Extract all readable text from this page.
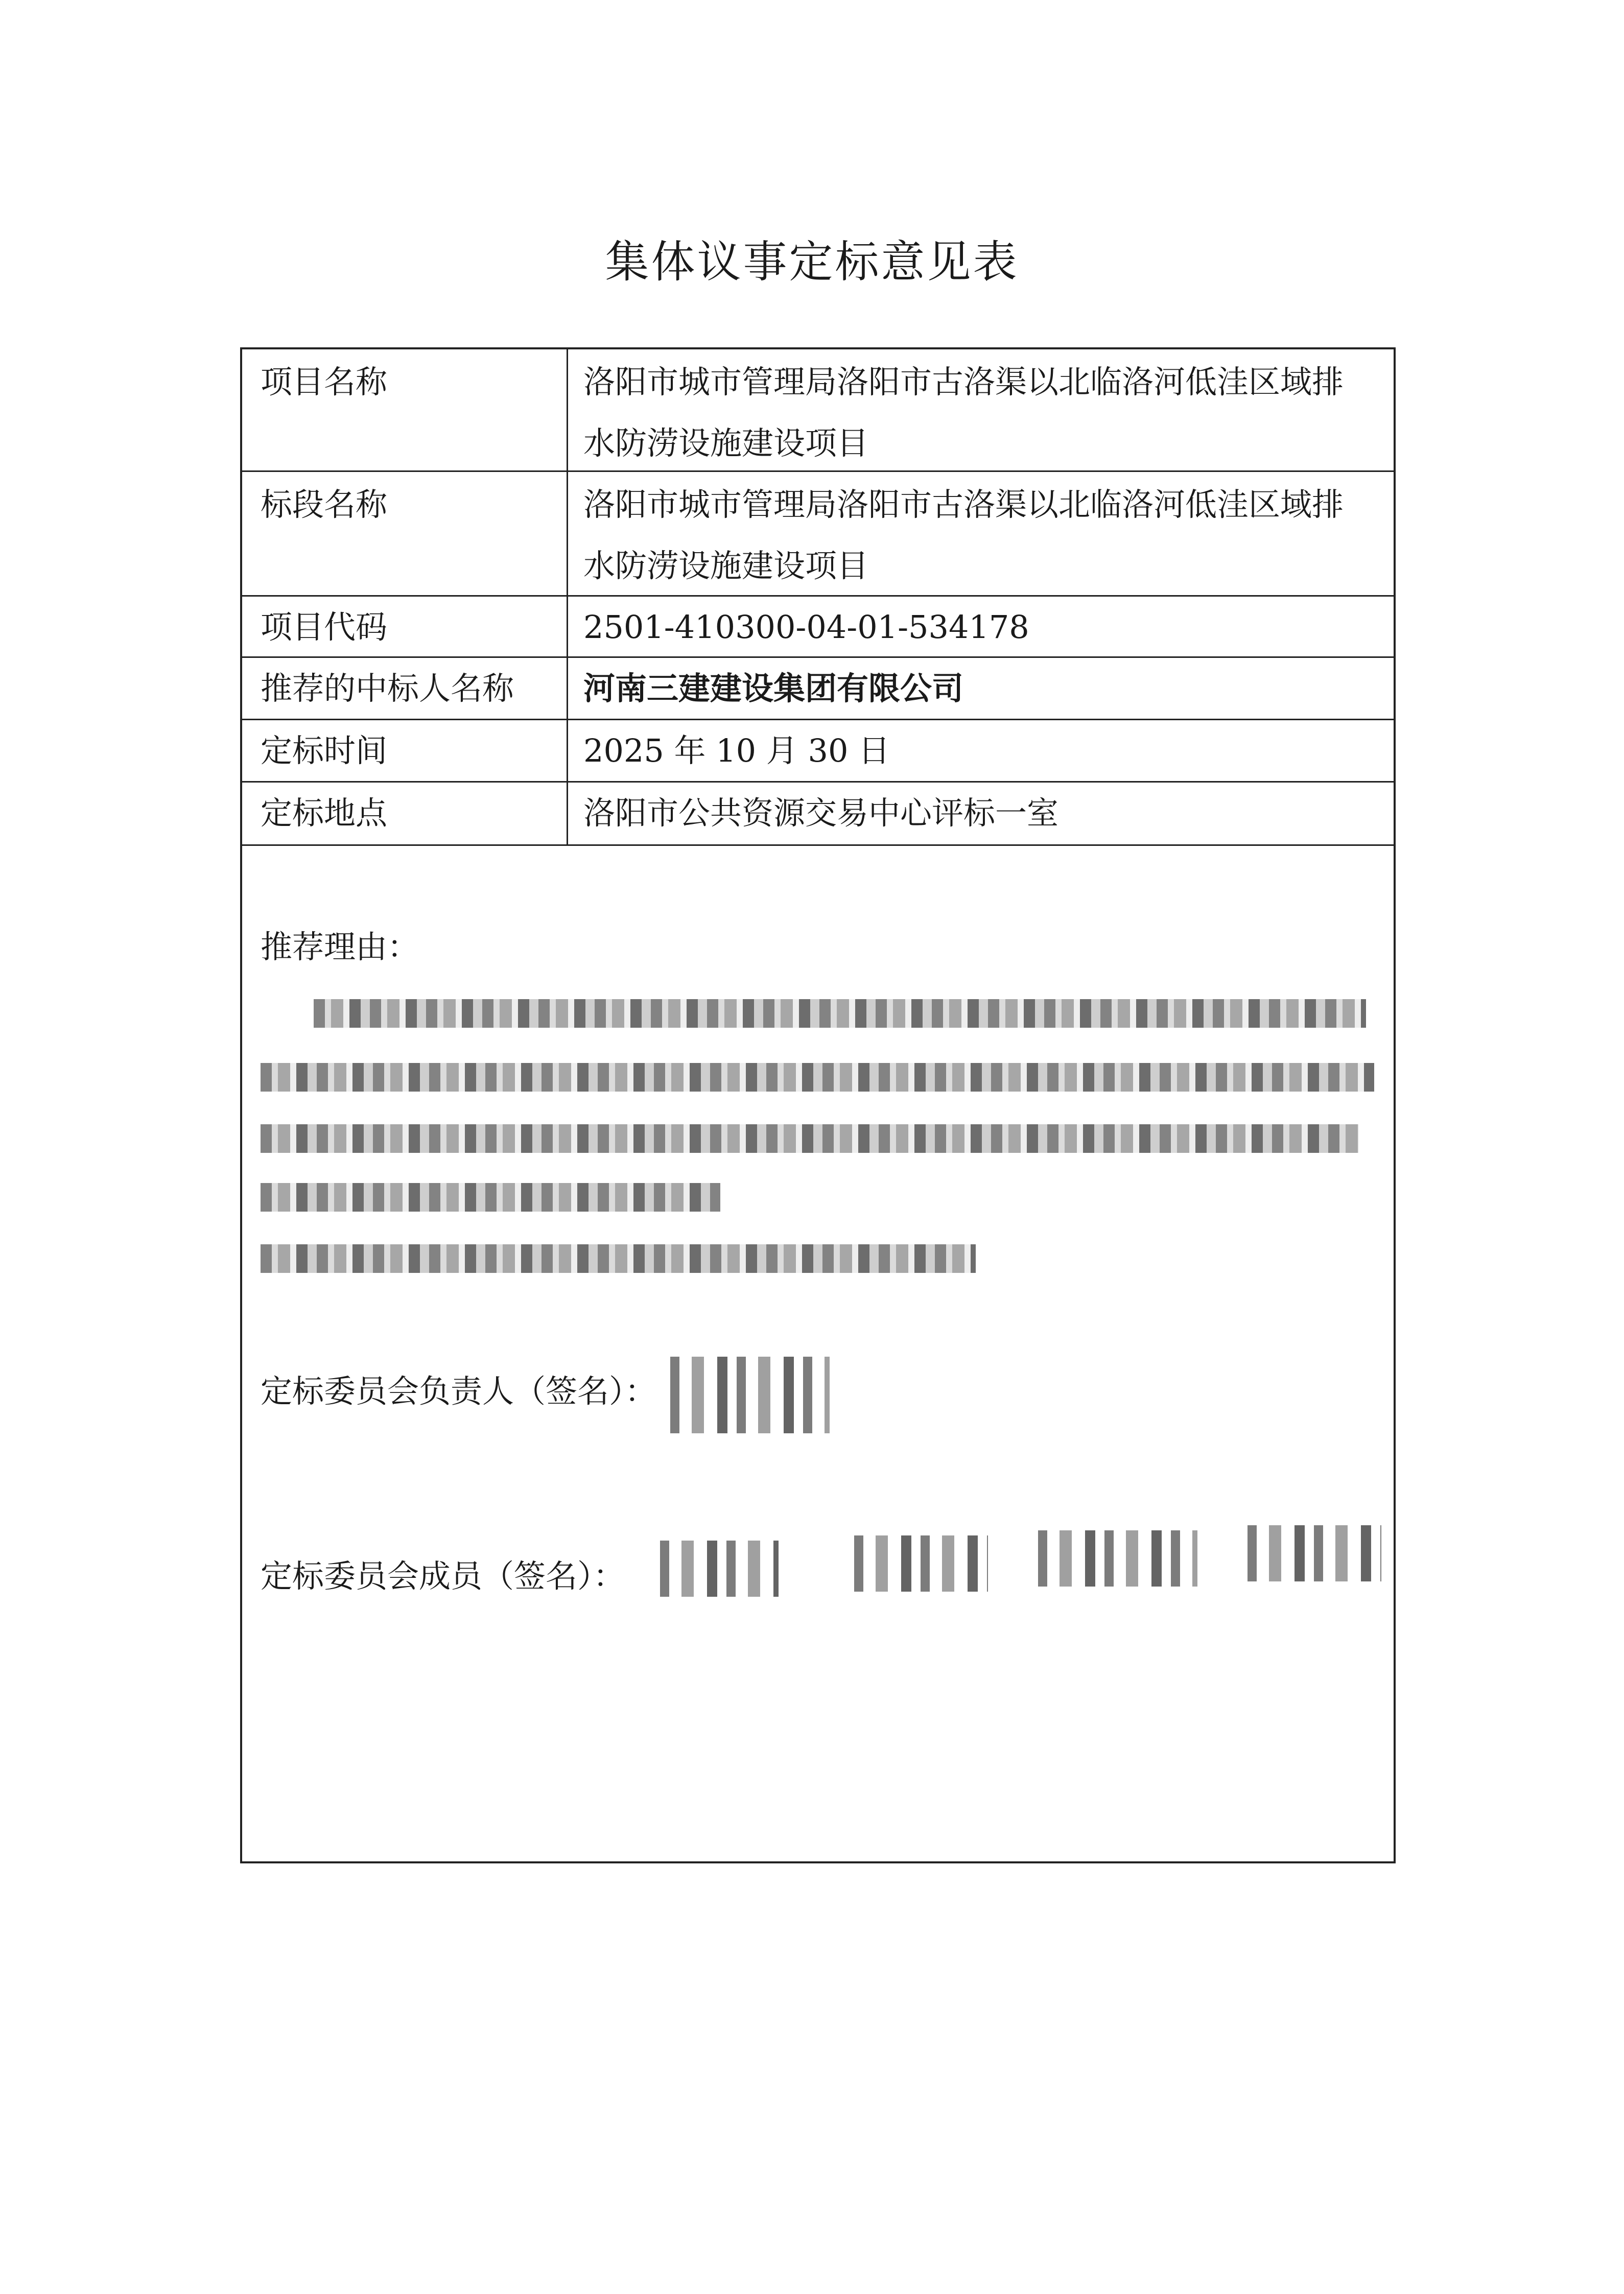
集体议事定标意见表
项目名称	洛阳市城市管理局洛阳市古洛渠以北临洛河低洼区域排
水防涝设施建设项目
标段名称	洛阳市城市管理局洛阳市古洛渠以北临洛河低洼区域排
水防涝设施建设项目
项目代码	2501-410300-04-01-534178
推荐的中标人名称	河南三建建设集团有限公司
定标时间	2025 年 10 月 30 日
定标地点	洛阳市公共资源交易中心评标一室
推荐理由：
定标委员会负责人（签名）：
定标委员会成员（签名）：
